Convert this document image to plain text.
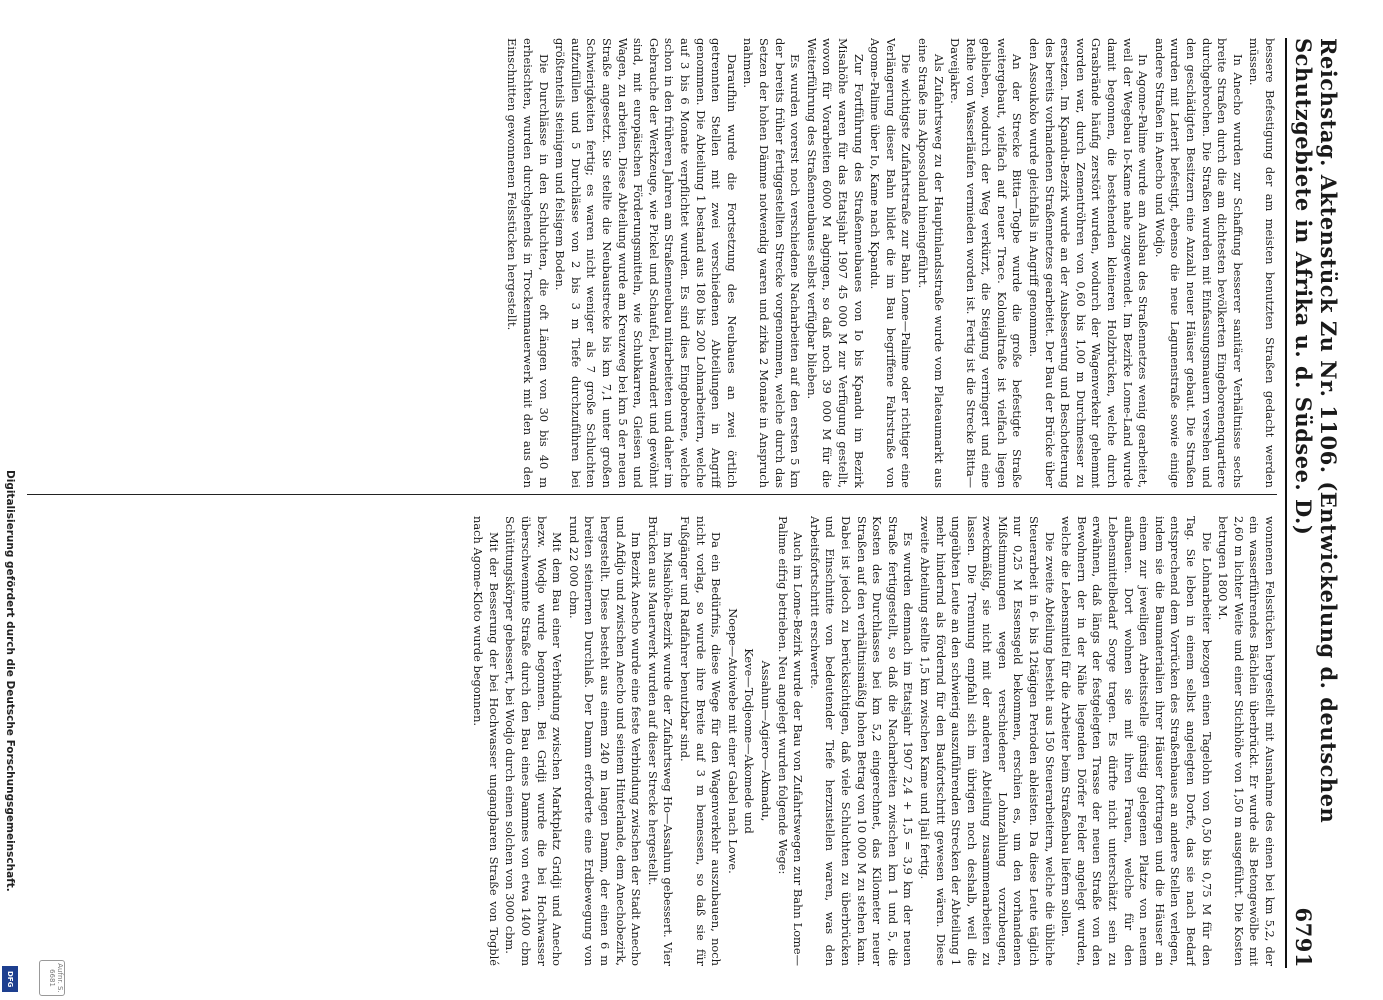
Reichstag. Aktenstück Zu Nr. 1106. (Entwickelung d. deutschen Schutzgebiete in Afrika u. d. Südsee. D.)
6791

bessere Befestigung der am meisten benutzten Straßen gedacht werden müssen.

In Anecho wurden zur Schaffung besserer sanitärer Verhältnisse sechs breite Straßen durch die am dichtesten bevölkerten Eingeborenenquartiere durchgebrochen. Die Straßen wurden mit Einfassungsmauern versehen und den geschädigten Besitzern eine Anzahl neuer Häuser gebaut. Die Straßen wurden mit Laterit befestigt, ebenso die neue Lagunenstraße sowie einige andere Straßen in Anecho und Wodjo.

In Agome-Palime wurde am Ausbau des Straßennetzes wenig gearbeitet, weil der Wegebau Io-Kame nahe zugewendet. Im Bezirke Lome-Land wurde damit begonnen, die bestehenden kleineren Holzbrücken, welche durch Grasbrände häufig zerstört wurden, wodurch der Wagenverkehr gehemmt worden war, durch Zementröhren von 0,60 bis 1,00 m Durchmesser zu ersetzen. Im Kpandu-Bezirk wurde an der Ausbesserung und Beschotterung des bereits vorhandenen Straßennetzes gearbeitet. Der Bau der Brücke über den Assoukoko wurde gleichfalls in Angriff genommen.

An der Strecke Bitta—Togbe wurde die große befestigte Straße weitergebaut, vielfach auf neuer Trace. Kolonialtraße ist vielfach liegen geblieben, wodurch der Weg verkürzt, die Steigung verringert und eine Reihe von Wasserläufen vermieden worden ist. Fertig ist die Strecke Bitta—Daveijakre.

Als Zufahrtsweg zu der Hauptinlandsstraße wurde vom Plateaumarkt aus eine Straße ins Akpossoland hineingeführt.

Die wichtigste Zufahrtstraße zur Bahn Lome—Palime oder richtiger eine Verlängerung dieser Bahn bildet die im Bau begriffene Fahrstraße von Agome-Palime über Io, Kame nach Kpandu.

Zur Fortführung des Straßenneubaues von Io bis Kpandu im Bezirk Misahöhe waren für das Etatsjahr 1907 45 000 M zur Verfügung gestellt, wovon für Vorarbeiten 6000 M abgingen, so daß noch 39 000 M für die Weiterführung des Straßenneubaues selbst verfügbar blieben.

Es wurden vorerst noch verschiedene Nacharbeiten auf den ersten 5 km der bereits früher fertiggestellten Strecke vorgenommen, welche durch das Setzen der hohen Dämme notwendig waren und zirka 2 Monate in Anspruch nahmen.

Daraufhin wurde die Fortsetzung des Neubaues an zwei örtlich getrennten Stellen mit zwei verschiedenen Abteilungen in Angriff genommen. Die Abteilung 1 bestand aus 180 bis 200 Lohnarbeitern, welche auf 3 bis 6 Monate verpflichtet wurden. Es sind dies Eingeborene, welche schon in den früheren Jahren am Straßenneubau mitarbeiteten und daher im Gebrauche der Werkzeuge, wie Pickel und Schaufel, bewandert und gewöhnt sind, mit europäischen Förderungsmitteln, wie Schubkarren, Gleisen und Wagen, zu arbeiten. Diese Abteilung wurde am Kreuzweg bei km 5 der neuen Straße angesetzt. Sie stellte die Neubaustrecke bis km 7,1 unter großen Schwierigkeiten fertig; es waren nicht weniger als 7 große Schluchten aufzufüllen und 5 Durchlässe von 2 bis 3 m Tiefe durchzuführen bei größtenteils steinigem und felsigem Boden.

Die Durchlässe in den Schluchten, die oft Längen von 30 bis 40 m erheischten, wurden durchgehends in Trockenmauerwerk mit den aus den Einschnitten gewonnenen Felsstücken hergestellt.

wonnenen Felsstücken hergestellt mit Ausnahme des einen bei km 5,2, der ein wasserführendes Bächlein überbrückt. Er wurde als Betongewölbe mit 2,60 m lichter Weite und einer Stichhöhe von 1,50 m ausgeführt. Die Kosten betrugen 1800 M.

Die Lohnarbeiter bezogen einen Tagelohn von 0,50 bis 0,75 M für den Tag. Sie leben in einem selbst angelegten Dorfe, das sie nach Bedarf entsprechend dem Vorrücken des Straßenbaues an andere Stellen verlegen, indem sie die Baumaterialien ihrer Häuser forttragen und die Häuser an einem zur jeweiligen Arbeitsstelle günstig gelegenen Platze von neuem aufbauen. Dort wohnen sie mit ihren Frauen, welche für den Lebensmittelbedarf Sorge tragen. Es dürfte nicht unterschätzt sein zu erwähnen, daß längs der festgelegten Trasse der neuen Straße von den Bewohnern der in der Nähe liegenden Dörfer Felder angelegt wurden, welche die Lebensmittel für die Arbeiter beim Straßenbau liefern sollen.

Die zweite Abteilung besteht aus 150 Steuerarbeitern, welche die übliche Steuerarbeit in 6- bis 12tägigen Perioden ableisten. Da diese Leute täglich nur 0,25 M Essensgeld bekommen, erschien es, um den vorhandenen Mißstimmungen wegen verschiedener Lohnzahlung vorzubeugen, zweckmäßig, sie nicht mit der anderen Abteilung zusammenarbeiten zu lassen. Die Trennung empfahl sich im übrigen noch deshalb, weil die ungeübten Leute an den schwierig auszuführenden Strecken der Abteilung 1 mehr hindernd als fördernd für den Baufortschritt gewesen wären. Diese zweite Abteilung stellte 1,5 km zwischen Kame und Ijali fertig.

Es wurden demnach im Etatsjahr 1907 2,4 + 1,5 = 3,9 km der neuen Straße fertiggestellt, so daß die Nacharbeiten zwischen km 1 und 5, die Kosten des Durchlasses bei km 5,2 eingerechnet, das Kilometer neuer Straßen auf den verhältnismäßig hohen Betrag von 10 000 M zu stehen kam. Dabei ist jedoch zu berücksichtigen, daß viele Schluchten zu überbrücken und Einschnitte von bedeutender Tiefe herzustellen waren, was den Arbeitsfortschritt erschwerte.

Auch im Lome-Bezirk wurde der Bau von Zufahrtswegen zur Bahn Lome—Palime eifrig betrieben. Neu angelegt wurden folgende Wege:

Assahun—Agiero—Akmadu,

Keve—Todjeome—Akomede und

Noepe—Atoiwebe mit einer Gabel nach Lowe.

Da ein Bedürfnis, diese Wege für den Wagenverkehr auszubauen, noch nicht vorlag, so wurde ihre Breite auf 3 m bemessen, so daß sie für Fußgänger und Radfahrer benutzbar sind.

Im Misahöhe-Bezirk wurde der Zufahrtsweg Ho—Assahun gebessert. Vier Brücken aus Mauerwerk wurden auf dieser Strecke hergestellt.

Im Bezirk Anecho wurde eine feste Verbindung zwischen der Stadt Anecho und Afidjo und zwischen Anecho und seinem Hinterlande, dem Anechobezirk, hergestellt. Diese besteht aus einem 240 m langen Damm, der einen 6 m breiten steinernen Durchlaß. Der Damm erforderte eine Erdbewegung von rund 22 000 cbm.

Mit dem Bau einer Verbindung zwischen Marktplatz Gridji und Anecho bezw. Wodjo wurde begonnen. Bei Gridji wurde die bei Hochwasser überschwemmte Straße durch den Bau eines Dammes von etwa 1400 cbm Schüttungskörper gebessert, bei Wodjo durch einen solchen von 3000 cbm.

Mit der Besserung der bei Hochwasser ungangbaren Straße von Togblé nach Agome-Kloto wurde begonnen.

Aufnr. S. 6681
Digitalisierung gefördert durch die Deutsche Forschungsgemeinschaft.
DFG
